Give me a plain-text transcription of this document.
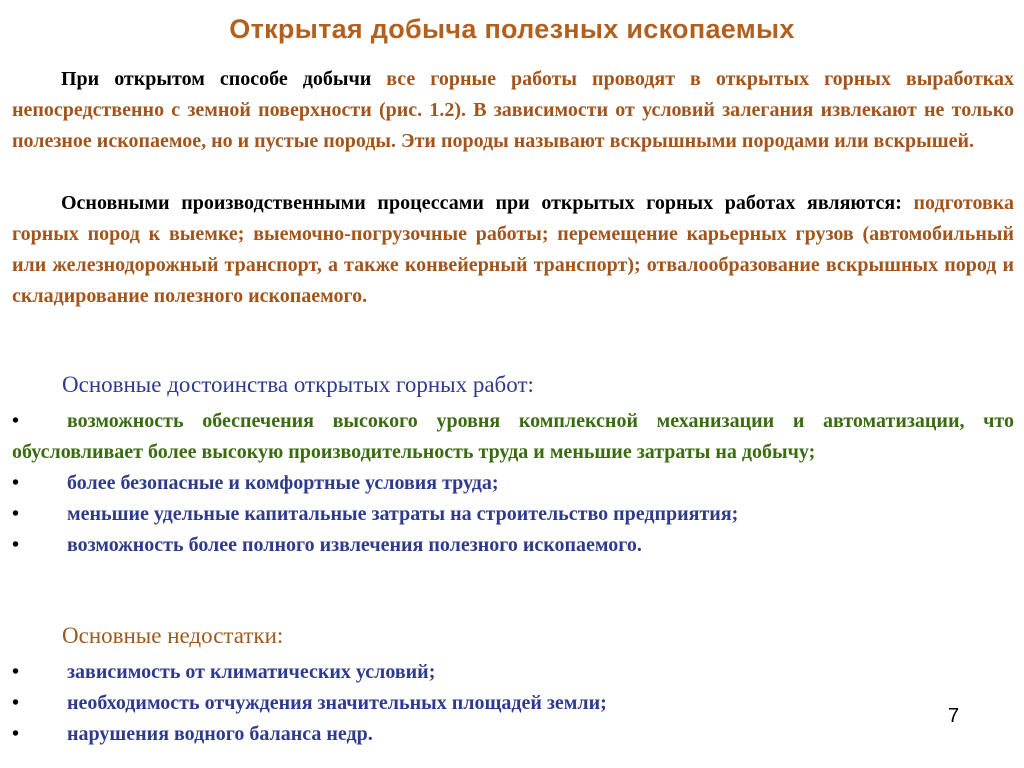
Открытая добыча полезных ископаемых

При открытом способе добычи все горные работы проводят в открытых горных выработках непосредственно с земной поверхности (рис. 1.2). В зависимости от условий залегания извлекают не только полезное ископаемое, но и пустые породы. Эти породы называют вскрышными породами или вскрышей.

Основными производственными процессами при открытых горных работах являются: подготовка горных пород к выемке; выемочно-погрузочные работы; перемещение карьерных грузов (автомобильный или железнодорожный транспорт, а также конвейерный транспорт); отвалообразование вскрышных пород и складирование полезного ископаемого.

Основные достоинства открытых горных работ:

• возможность обеспечения высокого уровня комплексной механизации и автоматизации, что обусловливает более высокую производительность труда и меньшие затраты на добычу;
• более безопасные и комфортные условия труда;
• меньшие удельные капитальные затраты на строительство предприятия;
• возможность более полного извлечения полезного ископаемого.

Основные недостатки:

• зависимость от климатических условий;
• необходимость отчуждения значительных площадей земли;
• нарушения водного баланса недр.
7
